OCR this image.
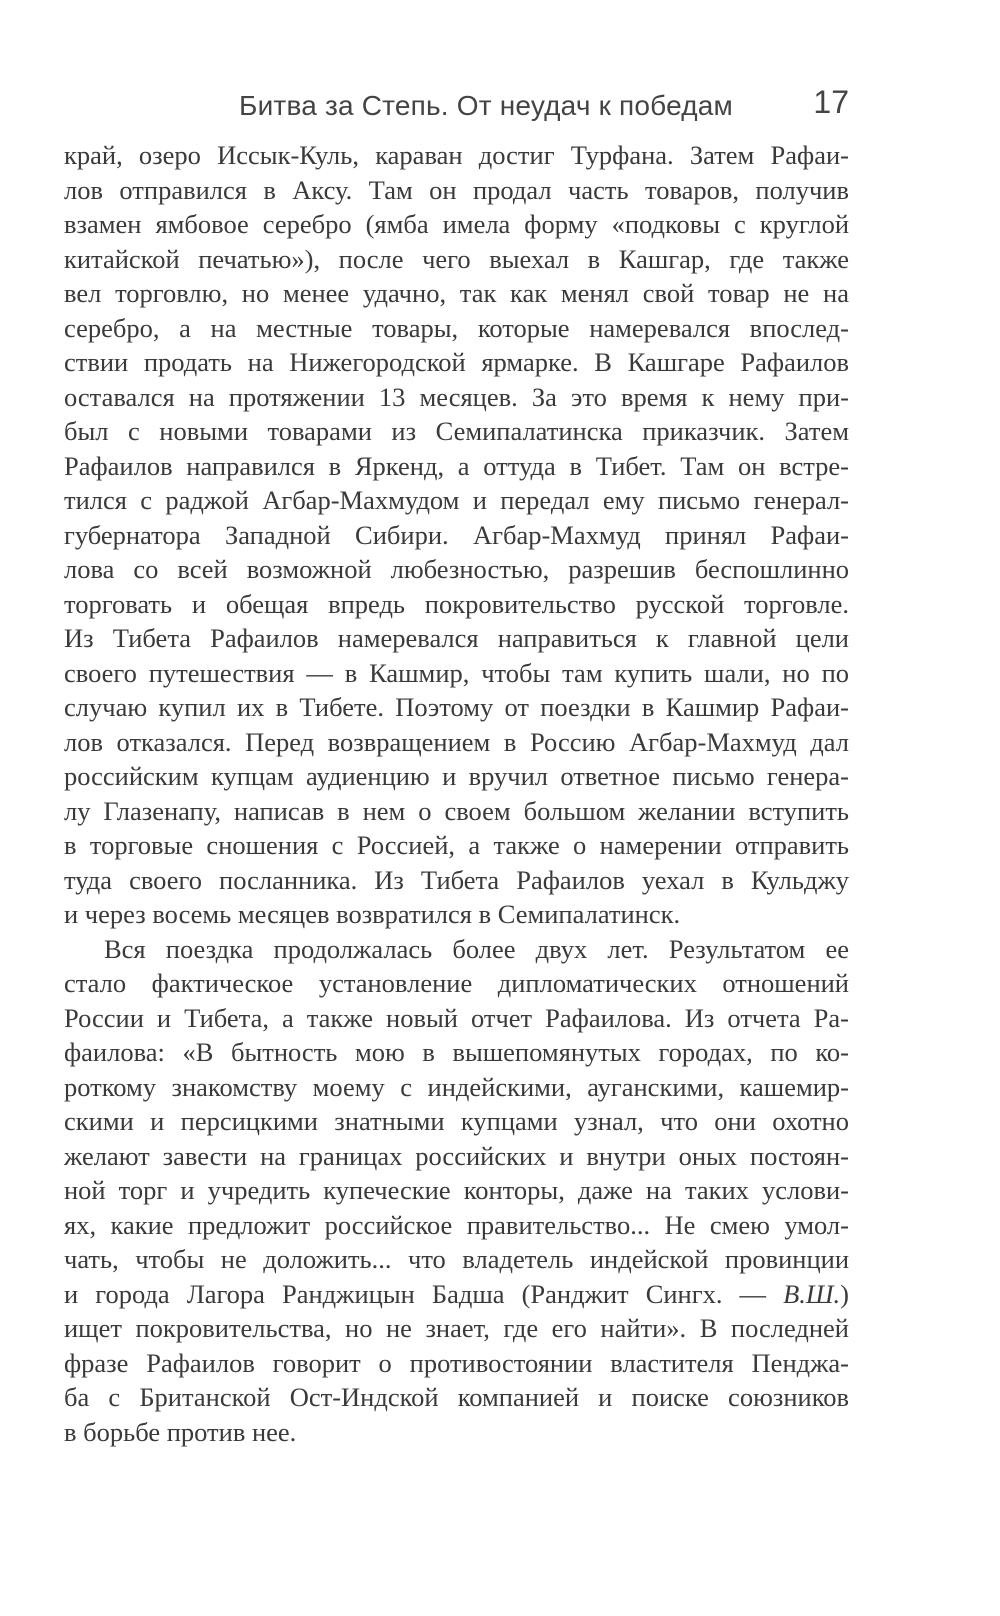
Битва за Степь. От неудач к победам	17
край, озеро Иссык-Куль, караван достиг Турфана. Затем Рафаи-
лов отправился в Аксу. Там он продал часть товаров, получив
взамен ямбовое серебро (ямба имела форму «подковы с круглой
китайской печатью»), после чего выехал в Кашгар, где также
вел торговлю, но менее удачно, так как менял свой товар не на
серебро, а на местные товары, которые намеревался впослед-
ствии продать на Нижегородской ярмарке. В Кашгаре Рафаилов
оставался на протяжении 13 месяцев. За это время к нему при-
был с новыми товарами из Семипалатинска приказчик. Затем
Рафаилов направился в Яркенд, а оттуда в Тибет. Там он встре-
тился с раджой Агбар-Махмудом и передал ему письмо генерал-
губернатора Западной Сибири. Агбар-Махмуд принял Рафаи-
лова со всей возможной любезностью, разрешив беспошлинно
торговать и обещая впредь покровительство русской торговле.
Из Тибета Рафаилов намеревался направиться к главной цели
своего путешествия — в Кашмир, чтобы там купить шали, но по
случаю купил их в Тибете. Поэтому от поездки в Кашмир Рафаи-
лов отказался. Перед возвращением в Россию Агбар-Махмуд дал
российским купцам аудиенцию и вручил ответное письмо генера-
лу Глазенапу, написав в нем о своем большом желании вступить
в торговые сношения с Россией, а также о намерении отправить
туда своего посланника. Из Тибета Рафаилов уехал в Кульджу
и через восемь месяцев возвратился в Семипалатинск.
Вся поездка продолжалась более двух лет. Результатом ее
стало фактическое установление дипломатических отношений
России и Тибета, а также новый отчет Рафаилова. Из отчета Ра-
фаилова: «В бытность мою в вышепомянутых городах, по ко-
роткому знакомству моему с индейскими, ауганскими, кашемир-
скими и персицкими знатными купцами узнал, что они охотно
желают завести на границах российских и внутри оных постоян-
ной торг и учредить купеческие конторы, даже на таких услови-
ях, какие предложит российское правительство... Не смею умол-
чать, чтобы не доложить... что владетель индейской провинции
и города Лагора Ранджицын Бадша (Ранджит Сингх. — В.Ш.)
ищет покровительства, но не знает, где его найти». В последней
фразе Рафаилов говорит о противостоянии властителя Пенджа-
ба с Британской Ост-Индской компанией и поиске союзников
в борьбе против нее.
